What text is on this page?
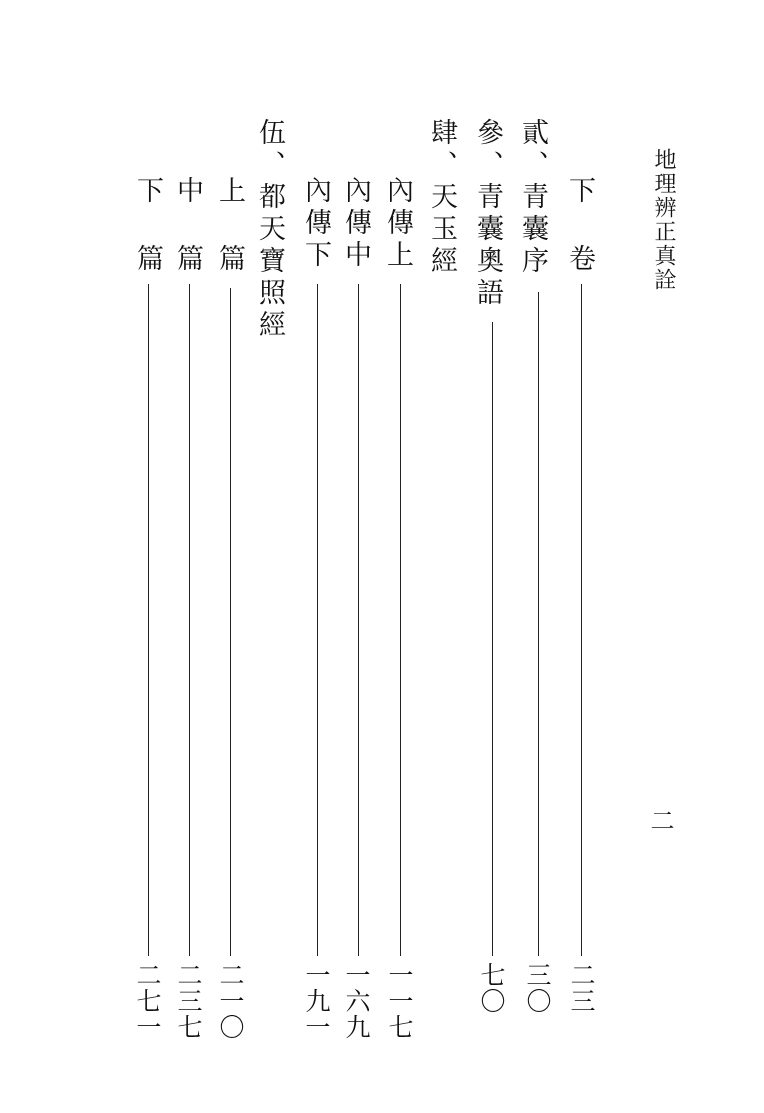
地理辨正真詮
二
下 卷
二三
貳、青囊序
三〇
參、青囊奧語
七〇
肆、天玉經
內傳上
一一七
內傳中
一六九
內傳下
一九一
伍、都天寶照經
上 篇
二一〇
中 篇
二三七
下 篇
二七一
